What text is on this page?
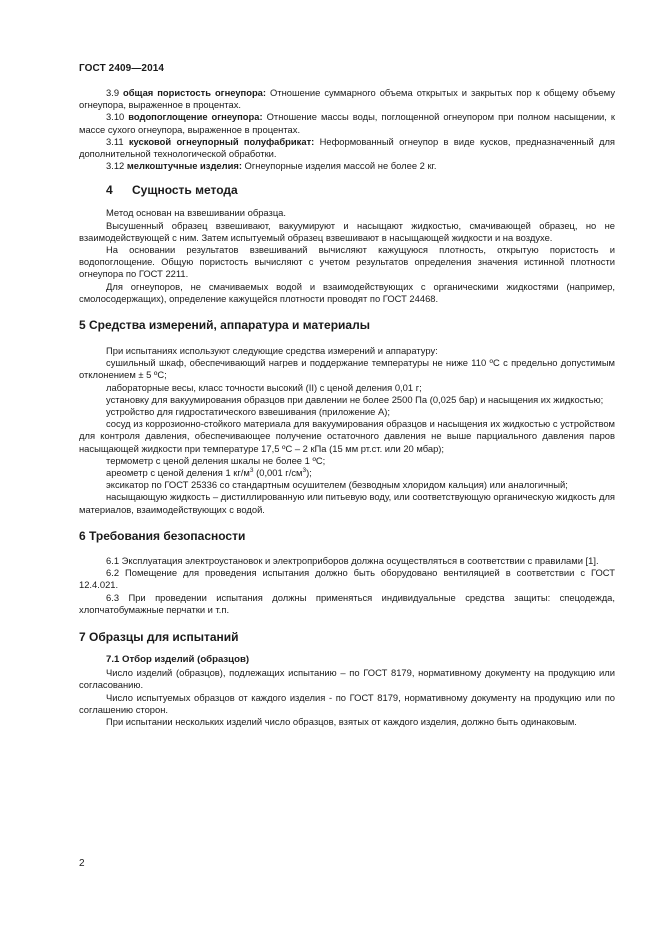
ГОСТ 2409—2014

3.9 общая пористость огнеупора: Отношение суммарного объема открытых и закрытых пор к общему объему огнеупора, выраженное в процентах.

3.10 водопоглощение огнеупора: Отношение массы воды, поглощенной огнеупором при полном насыщении, к массе сухого огнеупора, выраженное в процентах.

3.11 кусковой огнеупорный полуфабрикат: Неформованный огнеупор в виде кусков, предназначенный для дополнительной технологической обработки.

3.12 мелкоштучные изделия: Огнеупорные изделия массой не более 2 кг.

4 Сущность метода

Метод основан на взвешивании образца.

Высушенный образец взвешивают, вакуумируют и насыщают жидкостью, смачивающей образец, но не взаимодействующей с ним. Затем испытуемый образец взвешивают в насыщающей жидкости и на воздухе.

На основании результатов взвешиваний вычисляют кажущуюся плотность, открытую пористость и водопоглощение. Общую пористость вычисляют с учетом результатов определения значения истинной плотности огнеупора по ГОСТ 2211.

Для огнеупоров, не смачиваемых водой и взаимодействующих с органическими жидкостями (например, смолосодержащих), определение кажущейся плотности проводят по ГОСТ 24468.

5 Средства измерений, аппаратура и материалы

При испытаниях используют следующие средства измерений и аппаратуру:

сушильный шкаф, обеспечивающий нагрев и поддержание температуры не ниже 110 ºС с предельно допустимым отклонением ± 5 ºС;

лабораторные весы, класс точности высокий (II) с ценой деления 0,01 г;

установку для вакуумирования образцов при давлении не более 2500 Па (0,025 бар) и насыщения их жидкостью;

устройство для гидростатического взвешивания (приложение А);

сосуд из коррозионно-стойкого материала для вакуумирования образцов и насыщения их жидкостью с устройством для контроля давления, обеспечивающее получение остаточного давления не выше парциального давления паров насыщающей жидкости при температуре 17,5 ºС – 2 кПа (15 мм рт.ст. или 20 мбар);

термометр с ценой деления шкалы не более 1 ºС;

ареометр с ценой деления 1 $кг/м^3$ (0,001 $г/см^3$);

эксикатор по ГОСТ 25336 со стандартным осушителем (безводным хлоридом кальция) или аналогичный;

насыщающую жидкость – дистиллированную или питьевую воду, или соответствующую органическую жидкость для материалов, взаимодействующих с водой.

6 Требования безопасности

6.1 Эксплуатация электроустановок и электроприборов должна осуществляться в соответствии с правилами [1].

6.2 Помещение для проведения испытания должно быть оборудовано вентиляцией в соответствии с ГОСТ 12.4.021.

6.3 При проведении испытания должны применяться индивидуальные средства защиты: спецодежда, хлопчатобумажные перчатки и т.п.

7 Образцы для испытаний
7.1 Отбор изделий (образцов)

Число изделий (образцов), подлежащих испытанию – по ГОСТ 8179, нормативному документу на продукцию или согласованию.

Число испытуемых образцов от каждого изделия - по ГОСТ 8179, нормативному документу на продукцию или по соглашению сторон.

При испытании нескольких изделий число образцов, взятых от каждого изделия, должно быть одинаковым.

2
